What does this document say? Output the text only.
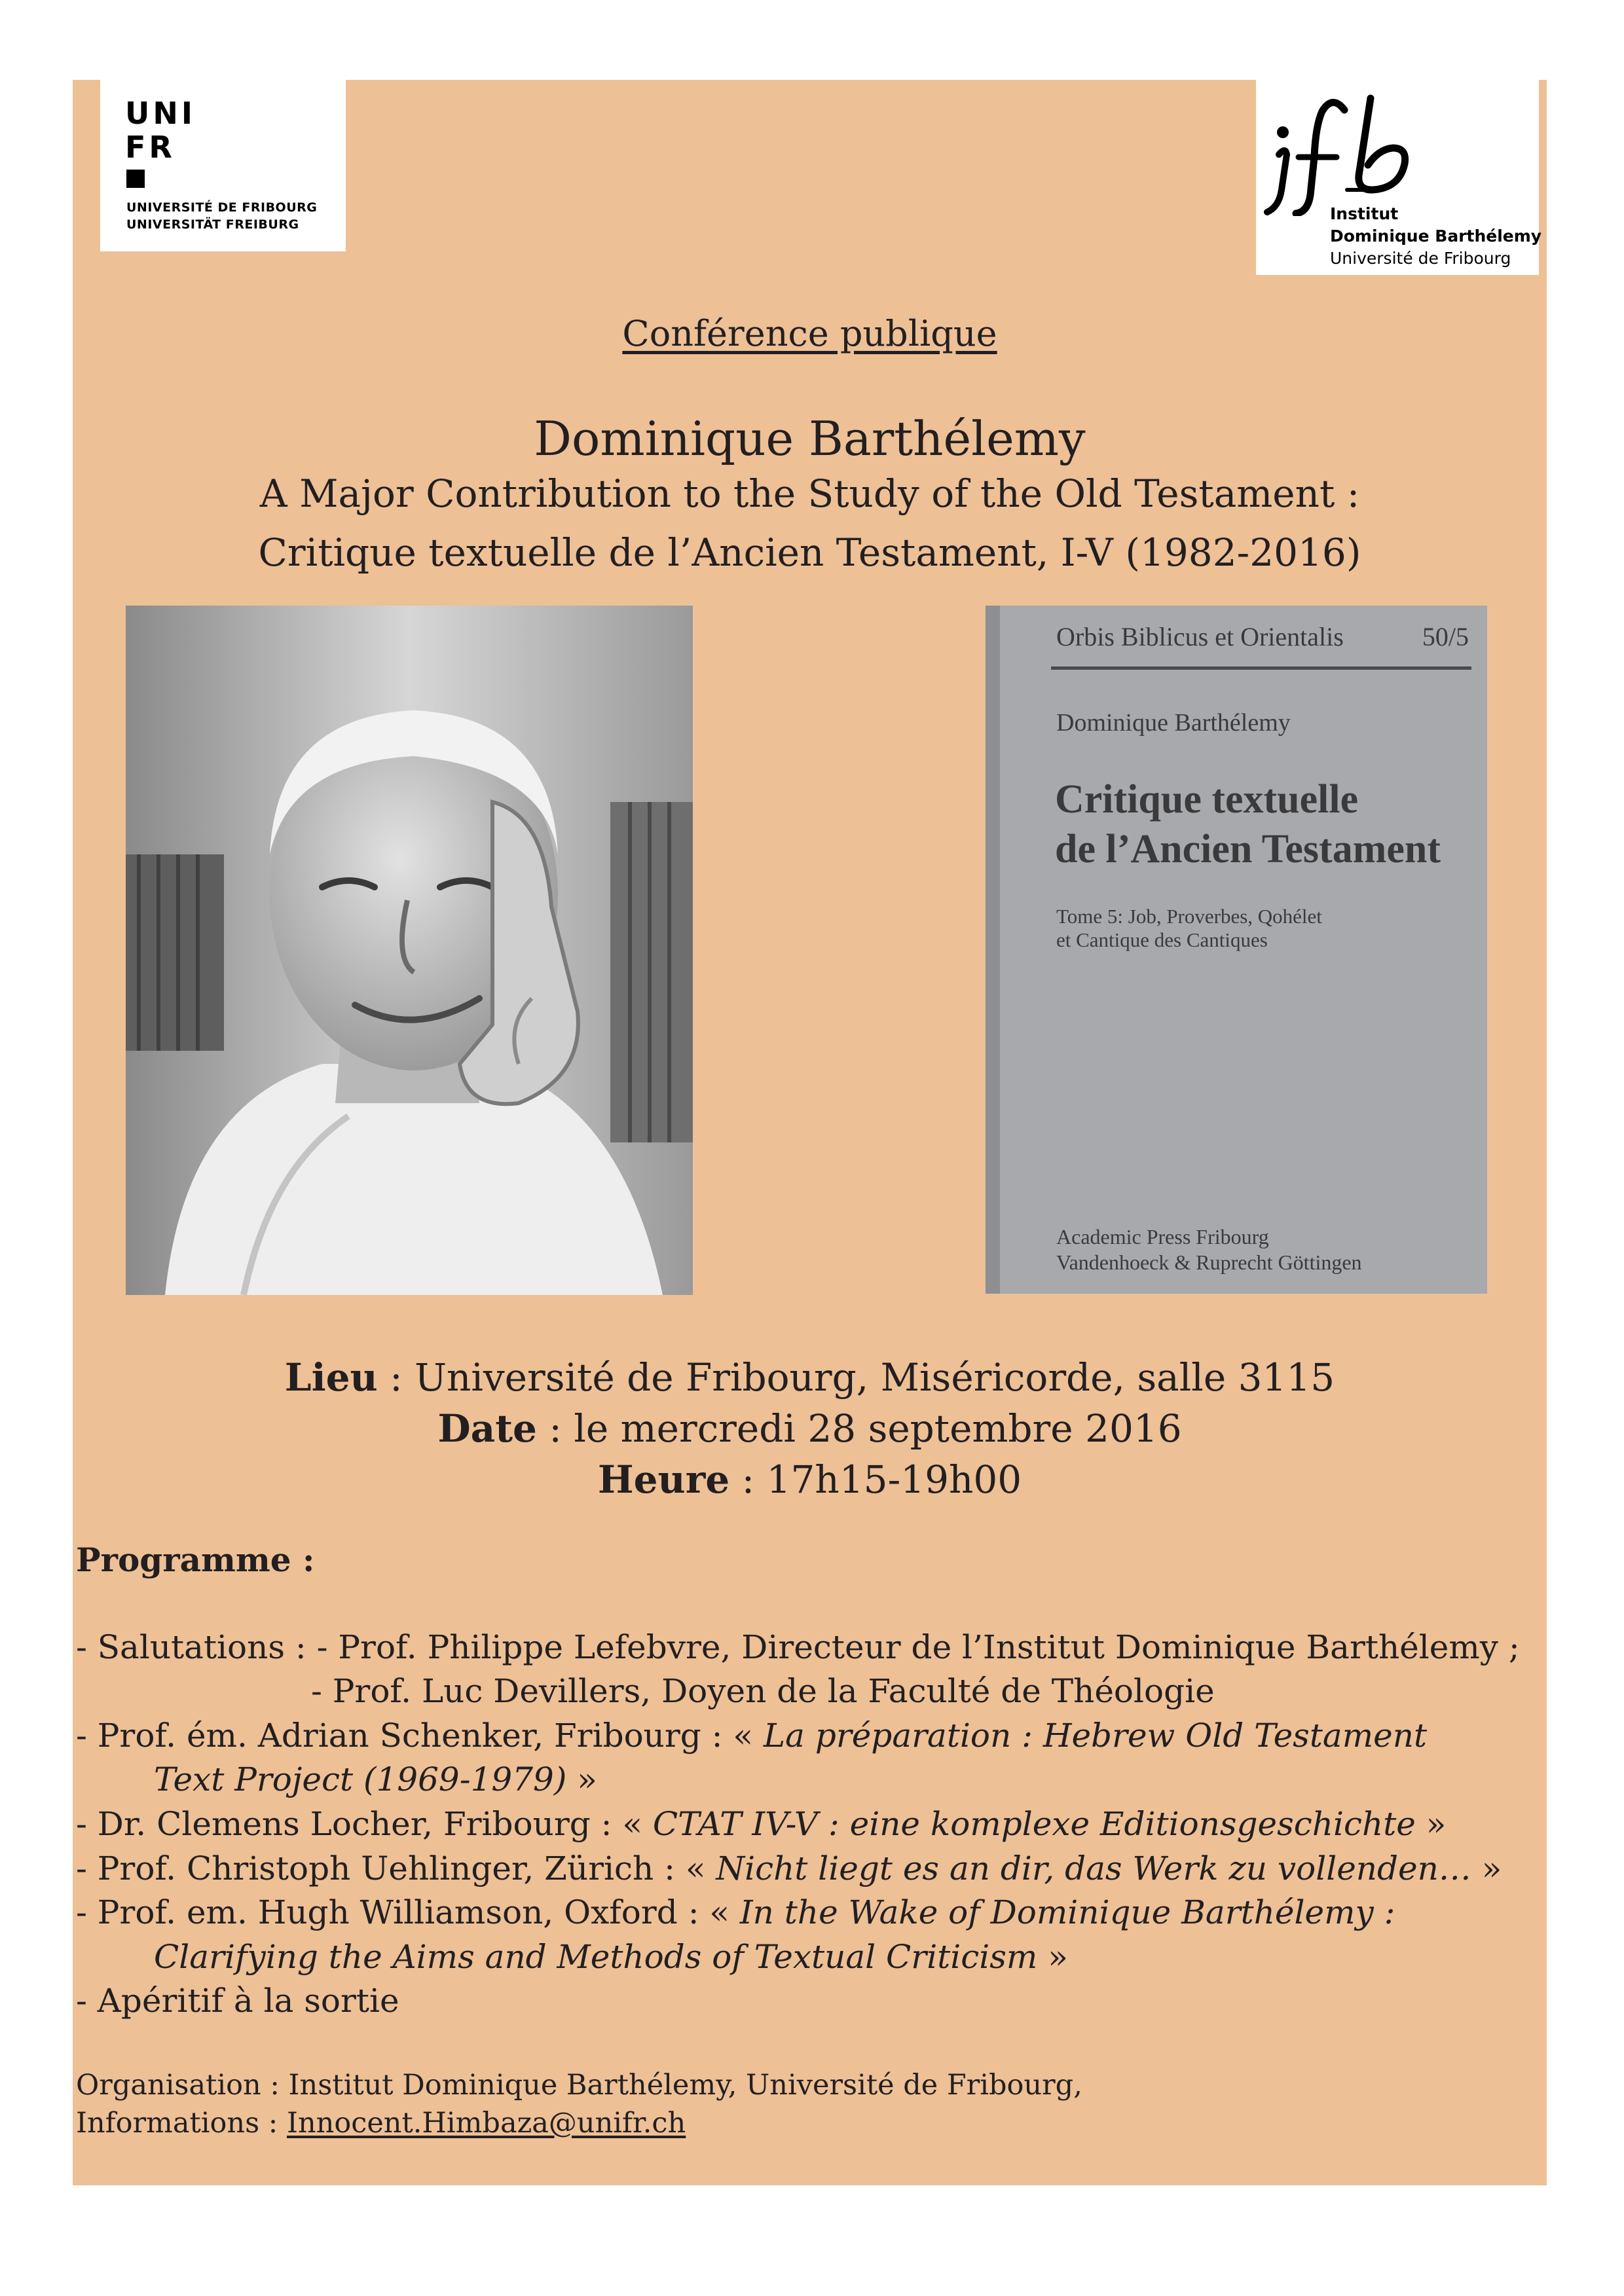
UNI
FR
UNIVERSITÉ DE FRIBOURG
UNIVERSITÄT FREIBURG
Institut
Dominique Barthélemy
Université de Fribourg
Conférence publique
Dominique Barthélemy
A Major Contribution to the Study of the Old Testament :
Critique textuelle de l’Ancien Testament, I-V (1982-2016)
Orbis Biblicus et Orientalis	50/5
Dominique Barthélemy
Critique textuelle
de l’Ancien Testament
Tome 5: Job, Proverbes, Qohélet
et Cantique des Cantiques
Academic Press Fribourg
Vandenhoeck & Ruprecht Göttingen
Lieu : Université de Fribourg, Miséricorde, salle 3115
Date : le mercredi 28 septembre 2016
Heure : 17h15-19h00
Programme :
- Salutations : - Prof. Philippe Lefebvre, Directeur de l’Institut Dominique Barthélemy ;
- Prof. Luc Devillers, Doyen de la Faculté de Théologie
- Prof. ém. Adrian Schenker, Fribourg : « La préparation : Hebrew Old Testament
Text Project (1969-1979) »
- Dr. Clemens Locher, Fribourg : « CTAT IV-V : eine komplexe Editionsgeschichte »
- Prof. Christoph Uehlinger, Zürich : « Nicht liegt es an dir, das Werk zu vollenden… »
- Prof. em. Hugh Williamson, Oxford : « In the Wake of Dominique Barthélemy :
Clarifying the Aims and Methods of Textual Criticism »
- Apéritif à la sortie
Organisation : Institut Dominique Barthélemy, Université de Fribourg,
Informations : Innocent.Himbaza@unifr.ch
